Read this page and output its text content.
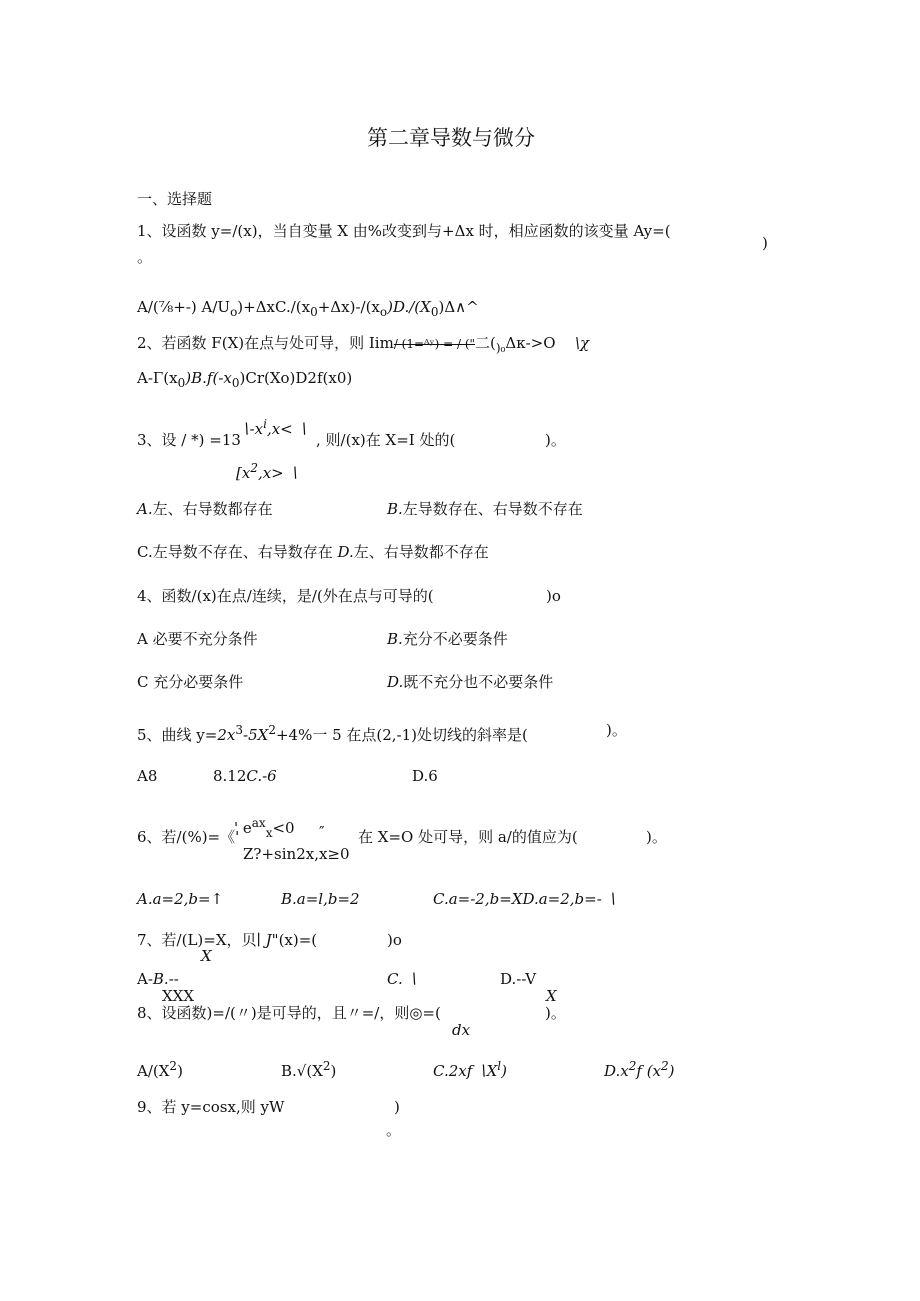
第二章导数与微分
一、选择题
1、设函数 y=/(x)，当自变量 X 由%改变到与+Δx 时，相应函数的该变量 Ay=(
)
。
A/(⅞+-) $A/U_o)+\Delta xC./(x_0+\Delta x)-/(x_o)D./(X_0)\Delta\wedge\^{}$
2、若函数 F(X)在点与处可导，则 Iim/ (1=ᴬʸ) = / ("二($_{)_0}\Delta\kappa->O$ \χ
$A-\Gamma(x_0)B.f(-x_0)Cr(Xo)D2f(x0)$
$∖-x^i,x<$ ∖
3、设 / *) =13	, 则/(x)在 X=I 处的(	)。
[$x^2,x>$ ∖
A.左、右导数都存在	B.左导数存在、右导数不存在
C.左导数不存在、右导数存在 D.左、右导数都不存在
4、函数/(x)在点/连续，是/(外在点与可导的(	)o
A 必要不充分条件	B.充分不必要条件
C 充分必要条件	D.既不充分也不必要条件
5、曲线 $y=2x^3-5X^2+4\%$一 5 在点(2,-1)处切线的斜率是(	)。
A8	8.12C.-6	D.6
' $e^{ax}_x<0$
6、若/(%)=《'	″ 在 X=O 处可导，则 a/的值应为(	)。
Z?+sin2x,x≥0
A.a=2,b=↑	B.a=l,b=2	C.a=-2,b=XD.a=2,b=- ∖
7、若/(L)=X，贝∣ J"(x)=(	)o
X
A-B.--
XXX
C. ∖	D.--V
X
8、设函数)=/(〃)是可导的，且〃=/，则◎=(	)。
dx
$A/(X^2)$	$B.√(X^2)$	C.2xf $∖X^l$)	$D.x^2f$ $(x^2)$
9、若 y=cosx,则 yW	)
。
